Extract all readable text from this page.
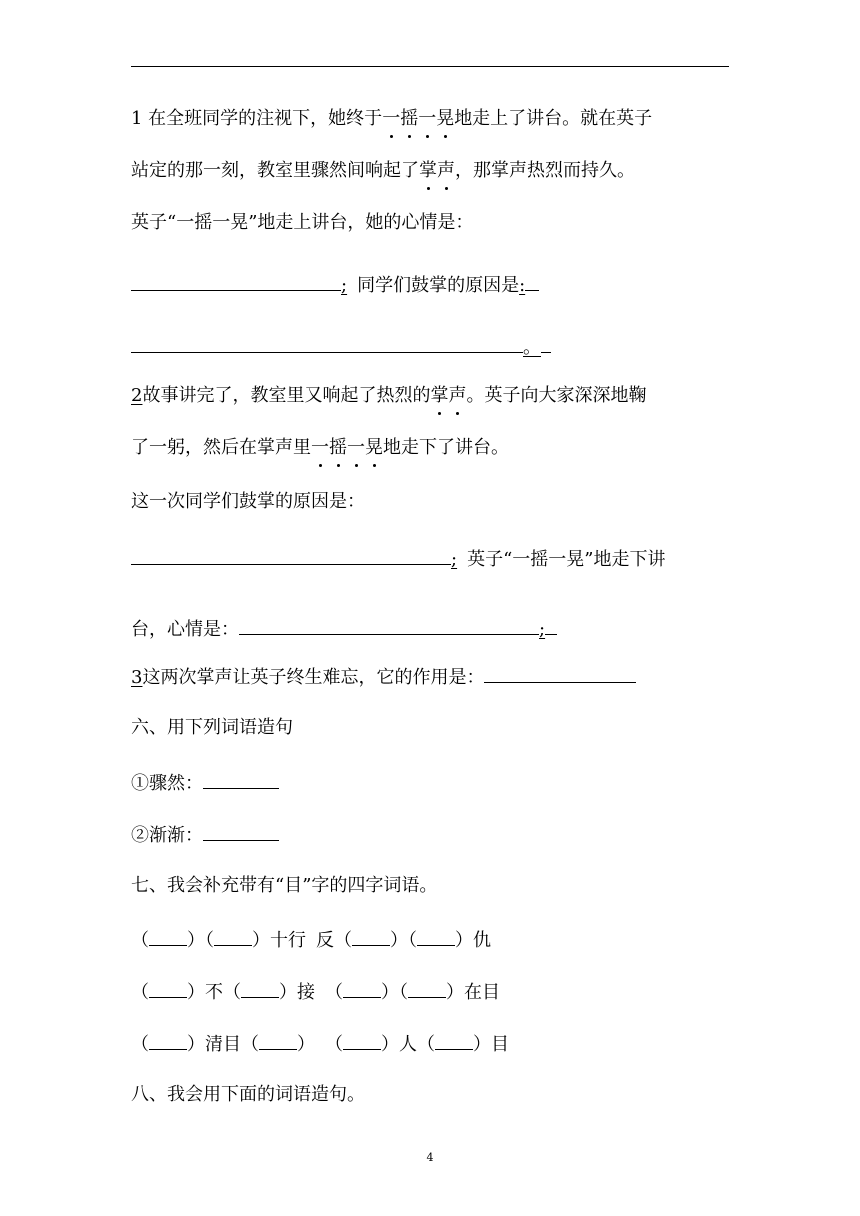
1 在全班同学的注视下，她终于一摇一晃地走上了讲台。就在英子
站定的那一刻，教室里骤然间响起了掌声，那掌声热烈而持久。
英子“一摇一晃”地走上讲台，她的心情是：
; 同学们鼓掌的原因是:
。
2故事讲完了，教室里又响起了热烈的掌声。英子向大家深深地鞠
了一躬，然后在掌声里一摇一晃地走下了讲台。
这一次同学们鼓掌的原因是：
; 英子“一摇一晃”地走下讲
台，心情是：	;
3这两次掌声让英子终生难忘，它的作用是：
六、用下列词语造句
①骤然：
②渐渐：
七、我会补充带有“目”字的四字词语。
（ ）（ ）十行 反（ ）（ ）仇
（ ）不（ ）接 （ ）（ ）在目
（ ）清目（ ） （ ）人（ ）目
八、我会用下面的词语造句。
4
